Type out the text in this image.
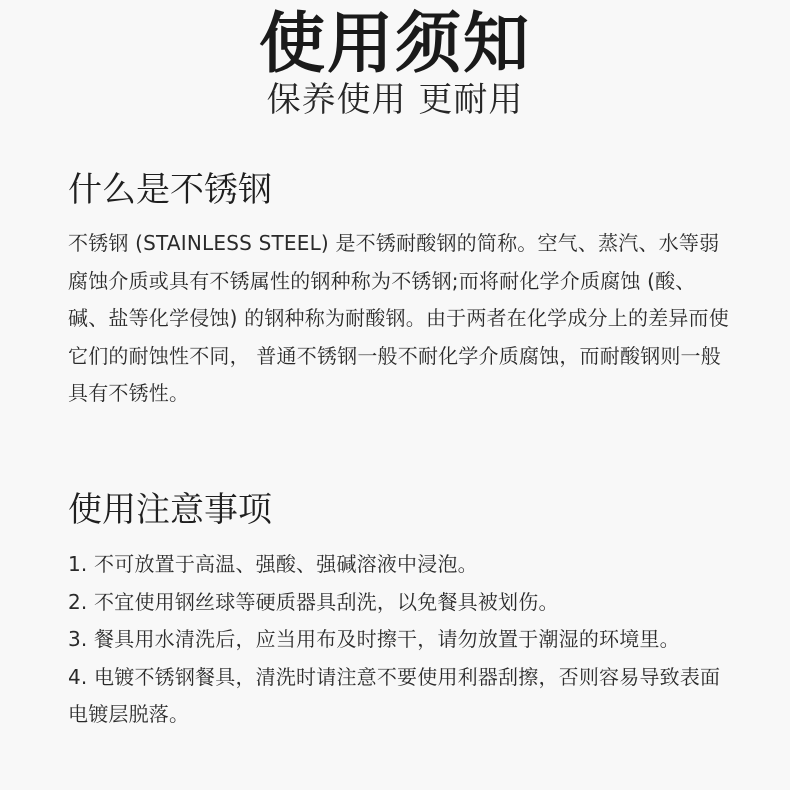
使用须知
保养使用 更耐用
什么是不锈钢
不锈钢 (STAINLESS STEEL) 是不锈耐酸钢的简称。空气、蒸汽、水等弱腐蚀介质或具有不锈属性的钢种称为不锈钢;而将耐化学介质腐蚀 (酸、碱、盐等化学侵蚀) 的钢种称为耐酸钢。由于两者在化学成分上的差异而使它们的耐蚀性不同， 普通不锈钢一般不耐化学介质腐蚀，而耐酸钢则一般具有不锈性。
使用注意事项
1. 不可放置于高温、强酸、强碱溶液中浸泡。
2. 不宜使用钢丝球等硬质器具刮洗，以免餐具被划伤。
3. 餐具用水清洗后，应当用布及时擦干，请勿放置于潮湿的环境里。
4. 电镀不锈钢餐具，清洗时请注意不要使用利器刮擦，否则容易导致表面电镀层脱落。
